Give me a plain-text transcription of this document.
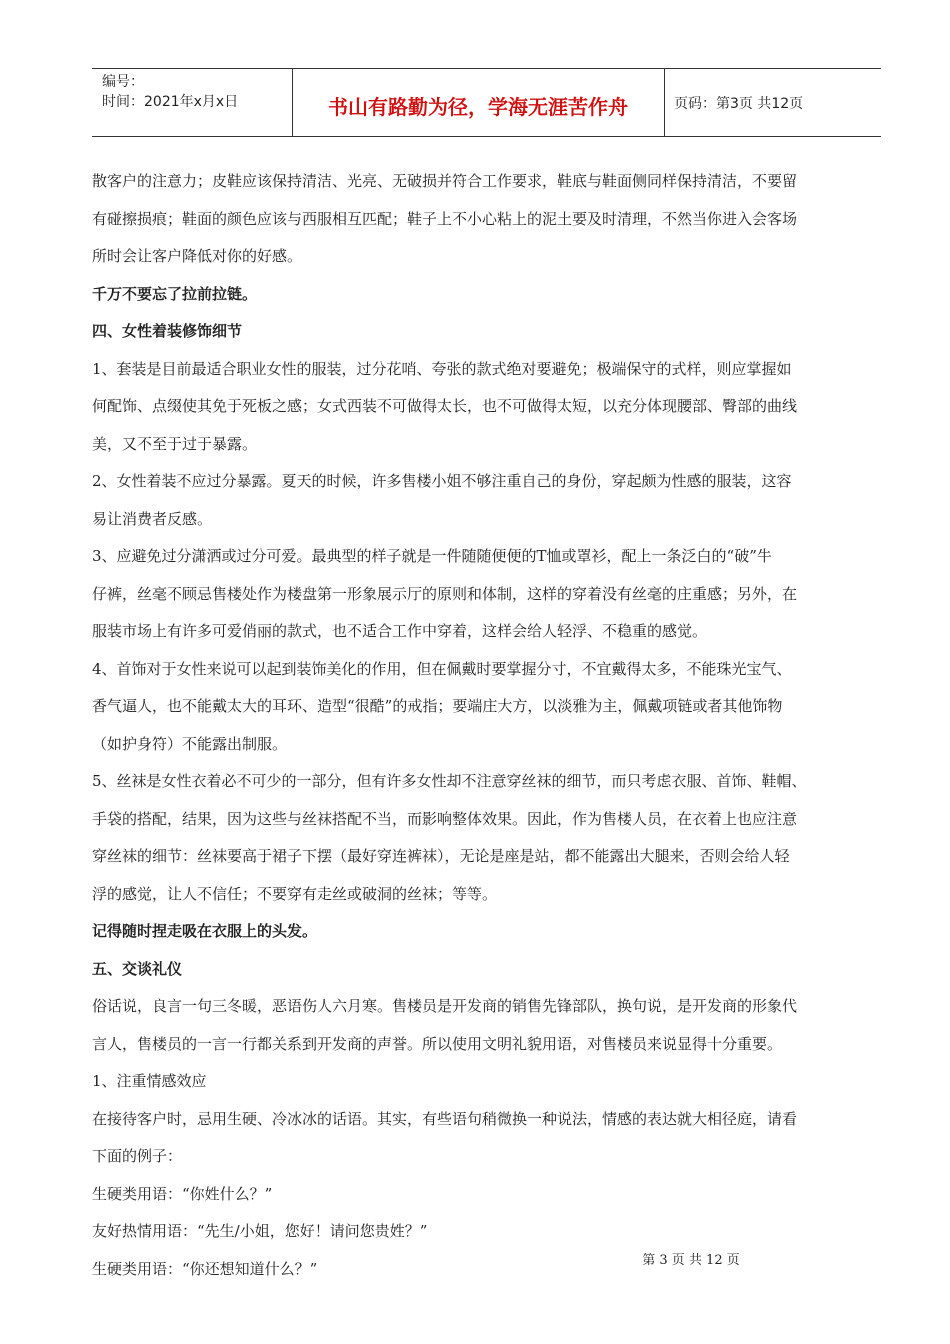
编号：
时间：2021年x月x日	书山有路勤为径，学海无涯苦作舟	页码：第3页 共12页

散客户的注意力；皮鞋应该保持清洁、光亮、无破损并符合工作要求，鞋底与鞋面侧同样保持清洁，不要留

有碰擦损痕；鞋面的颜色应该与西服相互匹配；鞋子上不小心粘上的泥土要及时清理，不然当你进入会客场

所时会让客户降低对你的好感。

千万不要忘了拉前拉链。

四、女性着装修饰细节

1、套装是目前最适合职业女性的服装，过分花哨、夸张的款式绝对要避免；极端保守的式样，则应掌握如

何配饰、点缀使其免于死板之感；女式西装不可做得太长，也不可做得太短，以充分体现腰部、臀部的曲线

美，又不至于过于暴露。

2、女性着装不应过分暴露。夏天的时候，许多售楼小姐不够注重自己的身份，穿起颇为性感的服装，这容

易让消费者反感。

3、应避免过分潇洒或过分可爱。最典型的样子就是一件随随便便的T恤或罩衫，配上一条泛白的“破”牛

仔裤，丝毫不顾忌售楼处作为楼盘第一形象展示厅的原则和体制，这样的穿着没有丝毫的庄重感；另外，在

服装市场上有许多可爱俏丽的款式，也不适合工作中穿着，这样会给人轻浮、不稳重的感觉。

4、首饰对于女性来说可以起到装饰美化的作用，但在佩戴时要掌握分寸，不宜戴得太多，不能珠光宝气、

香气逼人，也不能戴太大的耳环、造型“很酷”的戒指；要端庄大方，以淡雅为主，佩戴项链或者其他饰物

（如护身符）不能露出制服。

5、丝袜是女性衣着必不可少的一部分，但有许多女性却不注意穿丝袜的细节，而只考虑衣服、首饰、鞋帽、

手袋的搭配，结果，因为这些与丝袜搭配不当，而影响整体效果。因此，作为售楼人员，在衣着上也应注意

穿丝袜的细节：丝袜要高于裙子下摆（最好穿连裤袜），无论是座是站，都不能露出大腿来，否则会给人轻

浮的感觉，让人不信任；不要穿有走丝或破洞的丝袜；等等。

记得随时捏走吸在衣服上的头发。

五、交谈礼仪

俗话说，良言一句三冬暖，恶语伤人六月寒。售楼员是开发商的销售先锋部队，换句说，是开发商的形象代

言人，售楼员的一言一行都关系到开发商的声誉。所以使用文明礼貌用语，对售楼员来说显得十分重要。

1、注重情感效应

在接待客户时，忌用生硬、冷冰冰的话语。其实，有些语句稍微换一种说法，情感的表达就大相径庭，请看

下面的例子：

生硬类用语：“你姓什么？”

友好热情用语：“先生/小姐，您好！请问您贵姓？”

生硬类用语：“你还想知道什么？”	第 3 页 共 12 页
